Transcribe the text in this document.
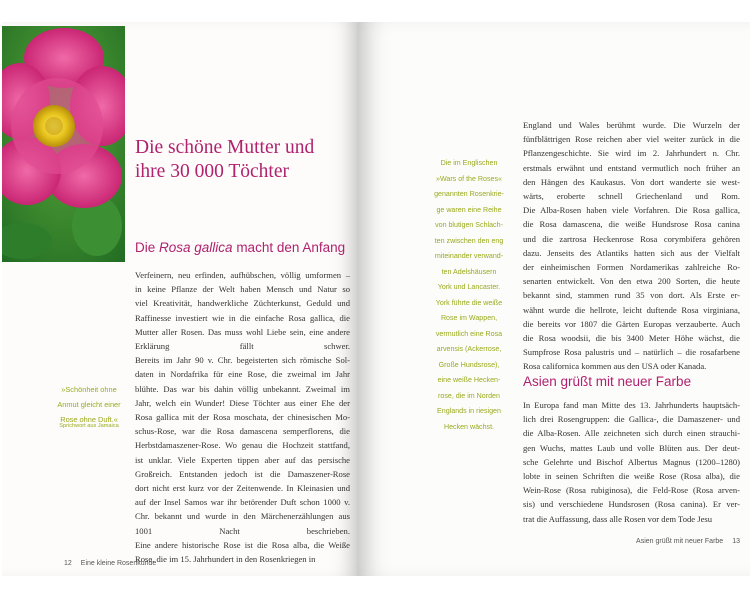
Die schöne Mutter und
ihre 30 000 Töchter
Die Rosa gallica macht den Anfang
»Schönheit ohne
Anmut gleicht einer
Rose ohne Duft.«
Sprichwort aus Jamaica
Verfeinern, neu erfinden, aufhübschen, völlig umformen –
in keine Pflanze der Welt haben Mensch und Natur so
viel Kreativität, handwerkliche Züchterkunst, Geduld und
Raffinesse investiert wie in die einfache Rosa gallica, die
Mutter aller Rosen. Das muss wohl Liebe sein, eine andere
Erklärung fällt schwer.
Bereits im Jahr 90 v. Chr. begeisterten sich römische Sol-
daten in Nordafrika für eine Rose, die zweimal im Jahr
blühte. Das war bis dahin völlig unbekannt. Zweimal im
Jahr, welch ein Wunder! Diese Töchter aus einer Ehe der
Rosa gallica mit der Rosa moschata, der chinesischen Mo-
schus-Rose, war die Rosa damascena semperflorens, die
Herbstdamaszener-Rose. Wo genau die Hochzeit stattfand,
ist unklar. Viele Experten tippen aber auf das persische
Großreich. Entstanden jedoch ist die Damaszener-Rose
dort nicht erst kurz vor der Zeitenwende. In Kleinasien und
auf der Insel Samos war ihr betörender Duft schon 1000 v.
Chr. bekannt und wurde in den Märchenerzählungen aus
1001 Nacht beschrieben.
Eine andere historische Rose ist die Rosa alba, die Weiße
Rose, die im 15. Jahrhundert in den Rosenkriegen in
12 Eine kleine Rosenkunde
Die im Englischen
»Wars of the Roses«
genannten Rosenkrie-
ge waren eine Reihe
von blutigen Schlach-
ten zwischen den eng
miteinander verwand-
ten Adelshäusern
York und Lancaster.
York führte die weiße
Rose im Wappen,
vermutlich eine Rosa
arvensis (Ackerrose,
Große Hundsrose),
eine weiße Hecken-
rose, die im Norden
Englands in riesigen
Hecken wächst.
England und Wales berühmt wurde. Die Wurzeln der
fünfblättrigen Rose reichen aber viel weiter zurück in die
Pflanzengeschichte. Sie wird im 2. Jahrhundert n. Chr.
erstmals erwähnt und entstand vermutlich noch früher an
den Hängen des Kaukasus. Von dort wanderte sie west-
wärts, eroberte schnell Griechenland und Rom.
Die Alba-Rosen haben viele Vorfahren. Die Rosa gallica,
die Rosa damascena, die weiße Hundsrose Rosa canina
und die zartrosa Heckenrose Rosa corymbifera gehören
dazu. Jenseits des Atlantiks hatten sich aus der Vielfalt
der einheimischen Formen Nordamerikas zahlreiche Ro-
senarten entwickelt. Von den etwa 200 Sorten, die heute
bekannt sind, stammen rund 35 von dort. Als Erste er-
wähnt wurde die hellrote, leicht duftende Rosa virginiana,
die bereits vor 1807 die Gärten Europas verzauberte. Auch
die Rosa woodsii, die bis 3400 Meter Höhe wächst, die
Sumpfrose Rosa palustris und – natürlich – die rosafarbene
Rosa californica kommen aus den USA oder Kanada.
Asien grüßt mit neuer Farbe
In Europa fand man Mitte des 13. Jahrhunderts hauptsäch-
lich drei Rosengruppen: die Gallica-, die Damaszener- und
die Alba-Rosen. Alle zeichneten sich durch einen strauchi-
gen Wuchs, mattes Laub und volle Blüten aus. Der deut-
sche Gelehrte und Bischof Albertus Magnus (1200–1280)
lobte in seinen Schriften die weiße Rose (Rosa alba), die
Wein-Rose (Rosa rubiginosa), die Feld-Rose (Rosa arven-
sis) und verschiedene Hundsrosen (Rosa canina). Er ver-
trat die Auffassung, dass alle Rosen vor dem Tode Jesu
Asien grüßt mit neuer Farbe 13
